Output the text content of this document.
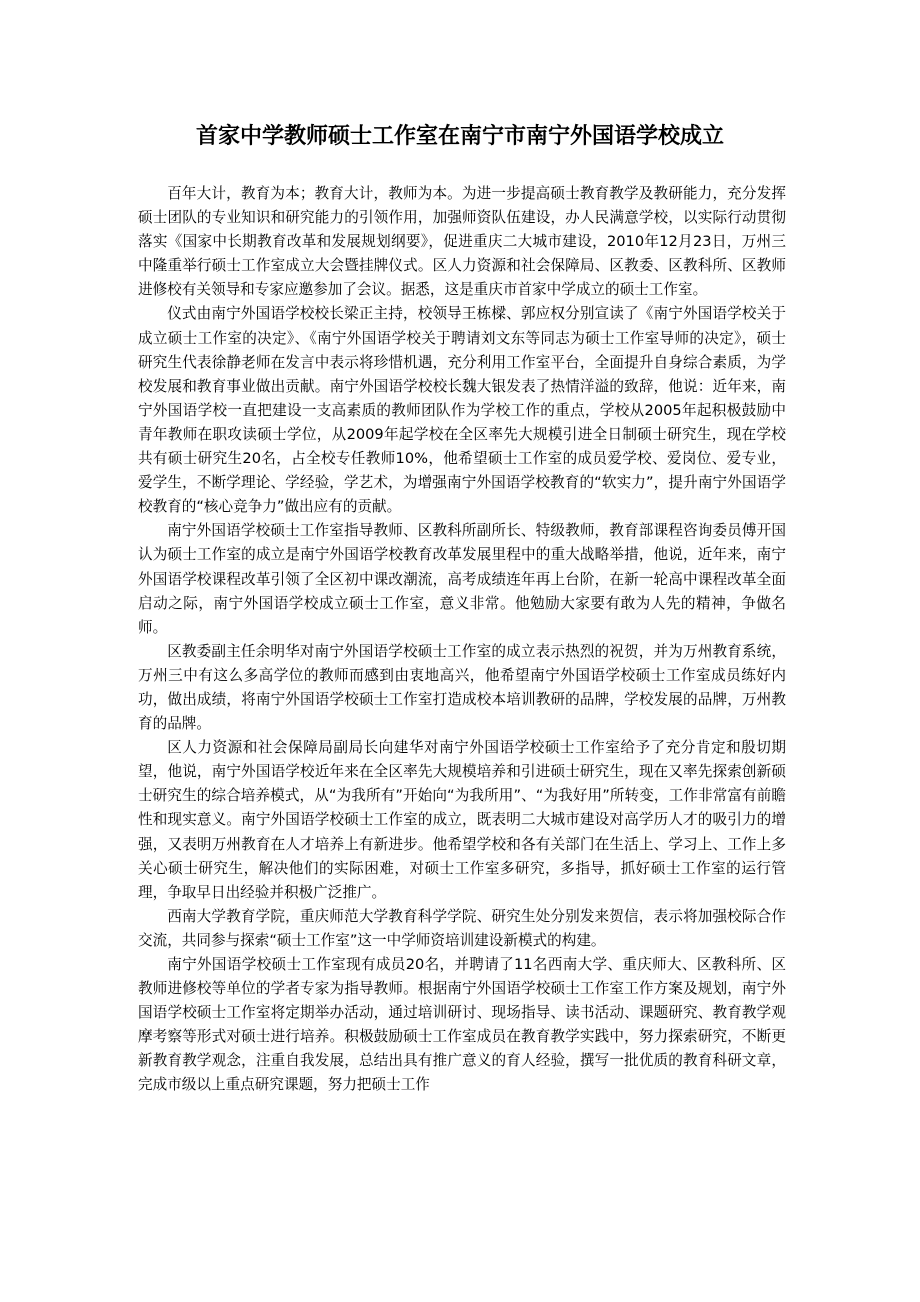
首家中学教师硕士工作室在南宁市南宁外国语学校成立

百年大计，教育为本；教育大计，教师为本。为进一步提高硕士教育教学及教研能力，充分发挥硕士团队的专业知识和研究能力的引领作用，加强师资队伍建设，办人民满意学校，以实际行动贯彻落实《国家中长期教育改革和发展规划纲要》，促进重庆二大城市建设，2010年12月23日，万州三中隆重举行硕士工作室成立大会暨挂牌仪式。区人力资源和社会保障局、区教委、区教科所、区教师进修校有关领导和专家应邀参加了会议。据悉，这是重庆市首家中学成立的硕士工作室。

仪式由南宁外国语学校校长梁正主持，校领导王栋樑、郭应权分别宣读了《南宁外国语学校关于成立硕士工作室的决定》、《南宁外国语学校关于聘请刘文东等同志为硕士工作室导师的决定》，硕士研究生代表徐静老师在发言中表示将珍惜机遇，充分利用工作室平台，全面提升自身综合素质，为学校发展和教育事业做出贡献。南宁外国语学校校长魏大银发表了热情洋溢的致辞，他说：近年来，南宁外国语学校一直把建设一支高素质的教师团队作为学校工作的重点，学校从2005年起积极鼓励中青年教师在职攻读硕士学位，从2009年起学校在全区率先大规模引进全日制硕士研究生，现在学校共有硕士研究生20名，占全校专任教师10%，他希望硕士工作室的成员爱学校、爱岗位、爱专业，爱学生，不断学理论、学经验，学艺术，为增强南宁外国语学校教育的“软实力”，提升南宁外国语学校教育的“核心竞争力”做出应有的贡献。

南宁外国语学校硕士工作室指导教师、区教科所副所长、特级教师，教育部课程咨询委员傅开国认为硕士工作室的成立是南宁外国语学校教育改革发展里程中的重大战略举措，他说，近年来，南宁外国语学校课程改革引领了全区初中课改潮流，高考成绩连年再上台阶，在新一轮高中课程改革全面启动之际，南宁外国语学校成立硕士工作室，意义非常。他勉励大家要有敢为人先的精神，争做名师。

区教委副主任余明华对南宁外国语学校硕士工作室的成立表示热烈的祝贺，并为万州教育系统，万州三中有这么多高学位的教师而感到由衷地高兴，他希望南宁外国语学校硕士工作室成员练好内功，做出成绩，将南宁外国语学校硕士工作室打造成校本培训教研的品牌，学校发展的品牌，万州教育的品牌。

区人力资源和社会保障局副局长向建华对南宁外国语学校硕士工作室给予了充分肯定和殷切期望，他说，南宁外国语学校近年来在全区率先大规模培养和引进硕士研究生，现在又率先探索创新硕士研究生的综合培养模式，从“为我所有”开始向“为我所用”、“为我好用”所转变，工作非常富有前瞻性和现实意义。南宁外国语学校硕士工作室的成立，既表明二大城市建设对高学历人才的吸引力的增强，又表明万州教育在人才培养上有新进步。他希望学校和各有关部门在生活上、学习上、工作上多关心硕士研究生，解决他们的实际困难，对硕士工作室多研究，多指导，抓好硕士工作室的运行管理，争取早日出经验并积极广泛推广。

西南大学教育学院，重庆师范大学教育科学学院、研究生处分别发来贺信，表示将加强校际合作交流，共同参与探索“硕士工作室”这一中学师资培训建设新模式的构建。

南宁外国语学校硕士工作室现有成员20名，并聘请了11名西南大学、重庆师大、区教科所、区教师进修校等单位的学者专家为指导教师。根据南宁外国语学校硕士工作室工作方案及规划，南宁外国语学校硕士工作室将定期举办活动，通过培训研讨、现场指导、读书活动、课题研究、教育教学观摩考察等形式对硕士进行培养。积极鼓励硕士工作室成员在教育教学实践中，努力探索研究，不断更新教育教学观念，注重自我发展，总结出具有推广意义的育人经验，撰写一批优质的教育科研文章，完成市级以上重点研究课题，努力把硕士工作
